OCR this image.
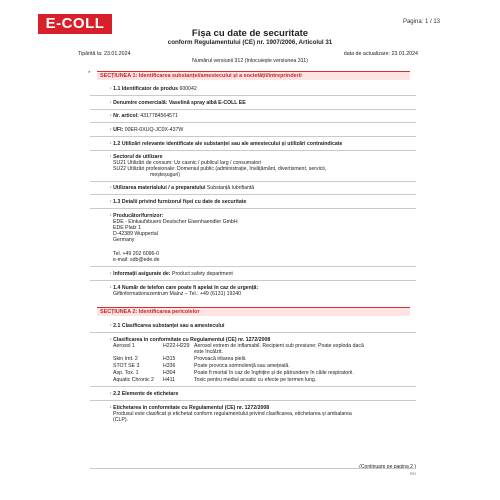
E-COLL	Pagina: 1 / 13
Fișa cu date de securitate
conform Regulamentului (CE) nr. 1907/2006, Articolul 31
Tipărită la: 23.01.2024	data de actualizare: 23.01.2024
Numărul versiunii 312 (înlocuiește versiunea 311)
*	SECȚIUNEA 1: Identificarea substanței/amestecului și a societății/întreprinderii
· 1.1 Identificator de produs 600042
· Denumire comercială: Vaselină spray albă E-COLL EE
· Nr. articol: 4317784564571
· UFI: 00ER-0XUQ-JC0X-437W
· 1.2 Utilizări relevante identificate ale substanței sau ale amestecului și utilizări contraindicate
· Sectorul de utilizare
SU21 Utilizări de consum: Uz casnic / publicul larg / consumatori
SU22 Utilizări profesionale: Domeniul public (administrație, învățământ, divertisment, servicii,
meșteșuguri)
· Utilizarea materialului / a preparatului Substanță lubrifiantă
· 1.3 Detalii privind furnizorul fișei cu date de securitate
· Producător/furnizor:
EDE - Einkaufsbuero Deutscher Eisenhaendler GmbH
EDE Platz 1
D-42389 Wuppertal
Germany
Tel. +49 202 6096-0
e-mail: sdb@ede.de
· Informații asigurate de: Product safety department
· 1.4 Număr de telefon care poate fi apelat în caz de urgență:
Giftinformationszentrum Mainz – Tel.: +49 (6131) 19240
SECȚIUNEA 2: Identificarea pericolelor
· 2.1 Clasificarea substanței sau a amestecului
· Clasificarea în conformitate cu Regulamentul (CE) nr. 1272/2008
Aerosol 1	H222-H229 Aerosol extrem de inflamabil. Recipient sub presiune: Poate exploda dacă
este încălzit.
Skin Irrit. 2	H315	Provoacă iritarea pielii.
STOT SE 3	H336	Poate provoca somnolență sau amețeală.
Asp. Tox. 1	H304	Poate fi mortal în caz de înghițire și de pătrundere în căile respiratorii.
Aquatic Chronic 2 H411	Toxic pentru mediul acvatic cu efecte pe termen lung.
· 2.2 Elemente de etichetare
· Etichetarea în conformitate cu Regulamentul (CE) nr. 1272/2008
Produsul este clasificat și etichetat conform regulamentului privind clasificarea, etichetarea și ambalarea
(CLP).
(Continuare pe pagina 2 )
RO
